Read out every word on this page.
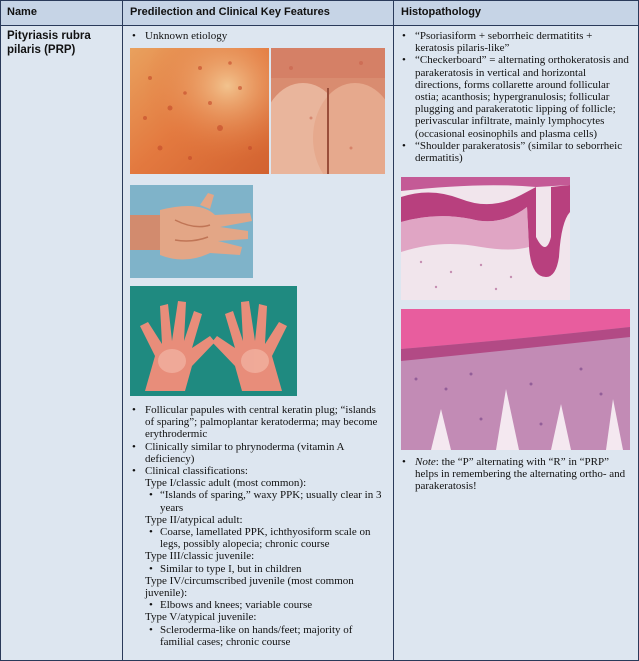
Name	Predilection and Clinical Key Features	Histopathology
Pityriasis rubra pilaris (PRP)
• Unknown etiology
• Follicular papules with central keratin plug; “islands of sparing”; palmoplantar keratoderma; may become erythrodermic
• Clinically similar to phrynoderma (vitamin A deficiency)
• Clinical classifications:
Type I/classic adult (most common):
• “Islands of sparing,” waxy PPK; usually clear in 3 years
Type II/atypical adult:
• Coarse, lamellated PPK, ichthyosiform scale on legs, possibly alopecia; chronic course
Type III/classic juvenile:
• Similar to type I, but in children
Type IV/circumscribed juvenile (most common juvenile):
• Elbows and knees; variable course
Type V/atypical juvenile:
• Scleroderma-like on hands/feet; majority of familial cases; chronic course
• “Psoriasiform + seborrheic dermatitits + keratosis pilaris-like”
• “Checkerboard” = alternating orthokeratosis and parakeratosis in vertical and horizontal directions, forms collarette around follicular ostia; acanthosis; hypergranulosis; follicular plugging and parakeratotic lipping of follicle; perivascular infiltrate, mainly lymphocytes (occasional eosinophils and plasma cells)
• “Shoulder parakeratosis” (similar to seborrheic dermatitis)
• Note: the “P” alternating with “R” in “PRP” helps in remembering the alternating ortho- and parakeratosis!
